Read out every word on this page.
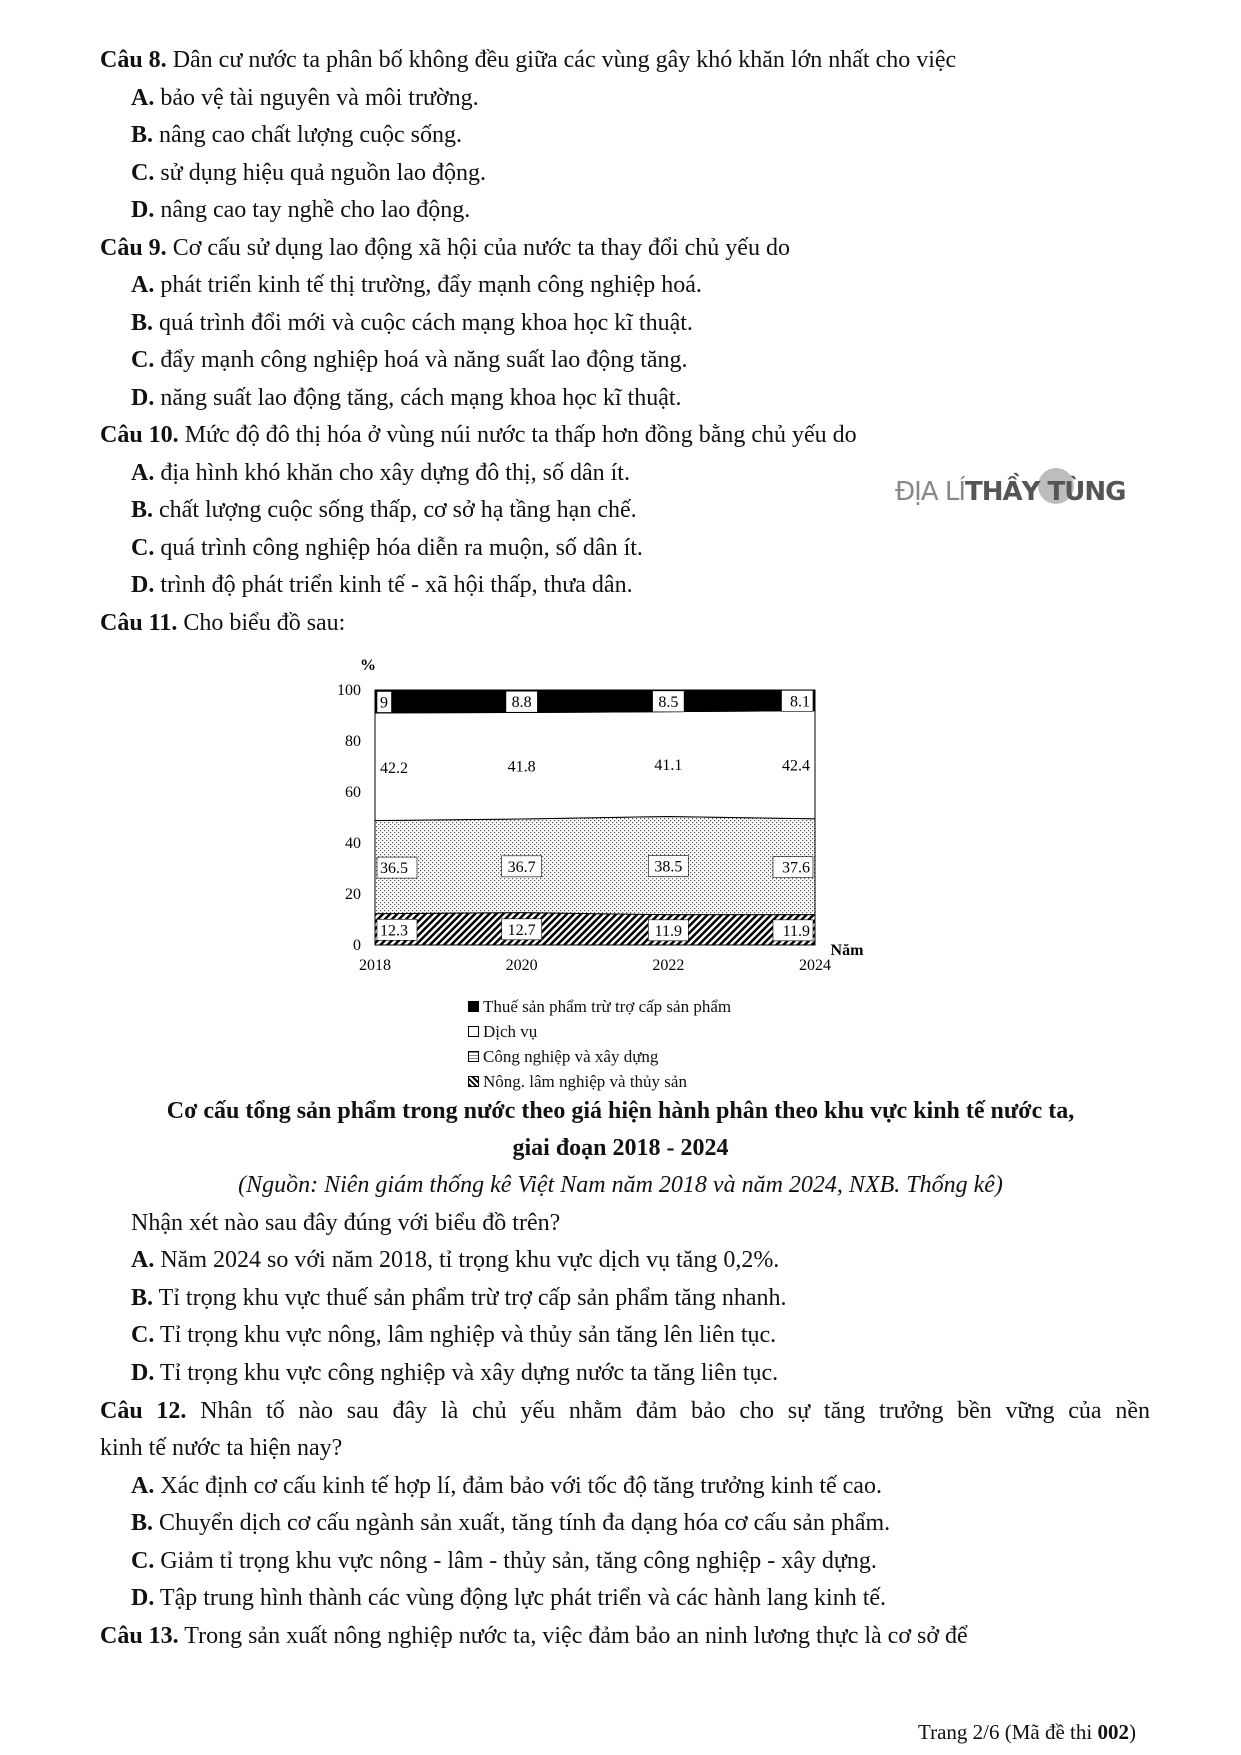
Câu 8. Dân cư nước ta phân bố không đều giữa các vùng gây khó khăn lớn nhất cho việc
A. bảo vệ tài nguyên và môi trường.
B. nâng cao chất lượng cuộc sống.
C. sử dụng hiệu quả nguồn lao động.
D. nâng cao tay nghề cho lao động.
Câu 9. Cơ cấu sử dụng lao động xã hội của nước ta thay đổi chủ yếu do
A. phát triển kinh tế thị trường, đẩy mạnh công nghiệp hoá.
B. quá trình đổi mới và cuộc cách mạng khoa học kĩ thuật.
C. đẩy mạnh công nghiệp hoá và năng suất lao động tăng.
D. năng suất lao động tăng, cách mạng khoa học kĩ thuật.
Câu 10. Mức độ đô thị hóa ở vùng núi nước ta thấp hơn đồng bằng chủ yếu do
A. địa hình khó khăn cho xây dựng đô thị, số dân ít.
B. chất lượng cuộc sống thấp, cơ sở hạ tầng hạn chế.
C. quá trình công nghiệp hóa diễn ra muộn, số dân ít.
D. trình độ phát triển kinh tế - xã hội thấp, thưa dân.
ĐỊA LÍTHẦY TÙNG
Câu 11. Cho biểu đồ sau:
0
20
40
60
80
100
2018	2020	2022	2024
%
Năm
12.3	12.7	11.9	11.9
36.5	36.7	38.5	37.6
42.2	41.8	41.1	42.4
9	8.8	8.5	8.1
Thuế sản phẩm trừ trợ cấp sản phẩm
Dịch vụ
Công nghiệp và xây dựng
Nông. lâm nghiệp và thủy sản
Cơ cấu tổng sản phẩm trong nước theo giá hiện hành phân theo khu vực kinh tế nước ta,
giai đoạn 2018 - 2024
(Nguồn: Niên giám thống kê Việt Nam năm 2018 và năm 2024, NXB. Thống kê)
Nhận xét nào sau đây đúng với biểu đồ trên?
A. Năm 2024 so với năm 2018, tỉ trọng khu vực dịch vụ tăng 0,2%.
B. Tỉ trọng khu vực thuế sản phẩm trừ trợ cấp sản phẩm tăng nhanh.
C. Tỉ trọng khu vực nông, lâm nghiệp và thủy sản tăng lên liên tục.
D. Tỉ trọng khu vực công nghiệp và xây dựng nước ta tăng liên tục.
Câu 12. Nhân tố nào sau đây là chủ yếu nhằm đảm bảo cho sự tăng trưởng bền vững của nền
kinh tế nước ta hiện nay?
A. Xác định cơ cấu kinh tế hợp lí, đảm bảo với tốc độ tăng trưởng kinh tế cao.
B. Chuyển dịch cơ cấu ngành sản xuất, tăng tính đa dạng hóa cơ cấu sản phẩm.
C. Giảm tỉ trọng khu vực nông - lâm - thủy sản, tăng công nghiệp - xây dựng.
D. Tập trung hình thành các vùng động lực phát triển và các hành lang kinh tế.
Câu 13. Trong sản xuất nông nghiệp nước ta, việc đảm bảo an ninh lương thực là cơ sở để
Trang 2/6 (Mã đề thi 002)
